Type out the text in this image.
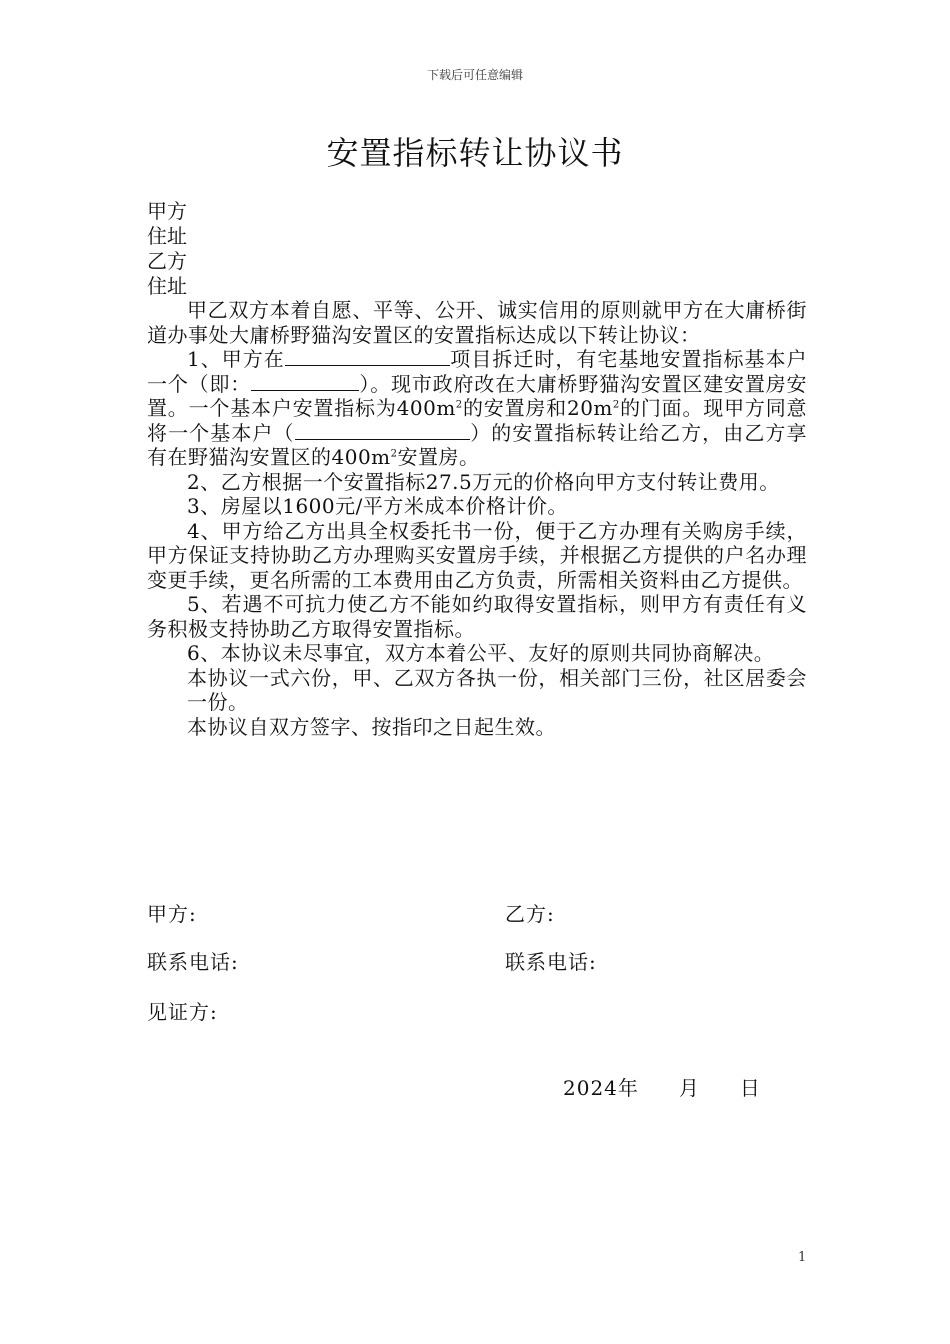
下载后可任意编辑
安置指标转让协议书
甲方
住址
乙方
住址

甲乙双方本着自愿、平等、公开、诚实信用的原则就甲方在大庸桥街道办事处大庸桥野猫沟安置区的安置指标达成以下转让协议：

1、甲方在	项目拆迁时，有宅基地安置指标基本户一个（即：	）。现市政府改在大庸桥野猫沟安置区建安置房安置。一个基本户安置指标为$400m^2$的安置房和$20m^2$的门面。现甲方同意将一个基本户（	）的安置指标转让给乙方，由乙方享有在野猫沟安置区的$400m^2$安置房。

2、乙方根据一个安置指标27.5万元的价格向甲方支付转让费用。

3、房屋以1600元/平方米成本价格计价。

4、甲方给乙方出具全权委托书一份，便于乙方办理有关购房手续，甲方保证支持协助乙方办理购买安置房手续，并根据乙方提供的户名办理变更手续，更名所需的工本费用由乙方负责，所需相关资料由乙方提供。

5、若遇不可抗力使乙方不能如约取得安置指标，则甲方有责任有义务积极支持协助乙方取得安置指标。

6、本协议未尽事宜，双方本着公平、友好的原则共同协商解决。

本协议一式六份，甲、乙双方各执一份，相关部门三份，社区居委会一份。

本协议自双方签字、按指印之日起生效。

甲方:	乙方:
联系电话:	联系电话:
见证方:
2024年 月 日
1
